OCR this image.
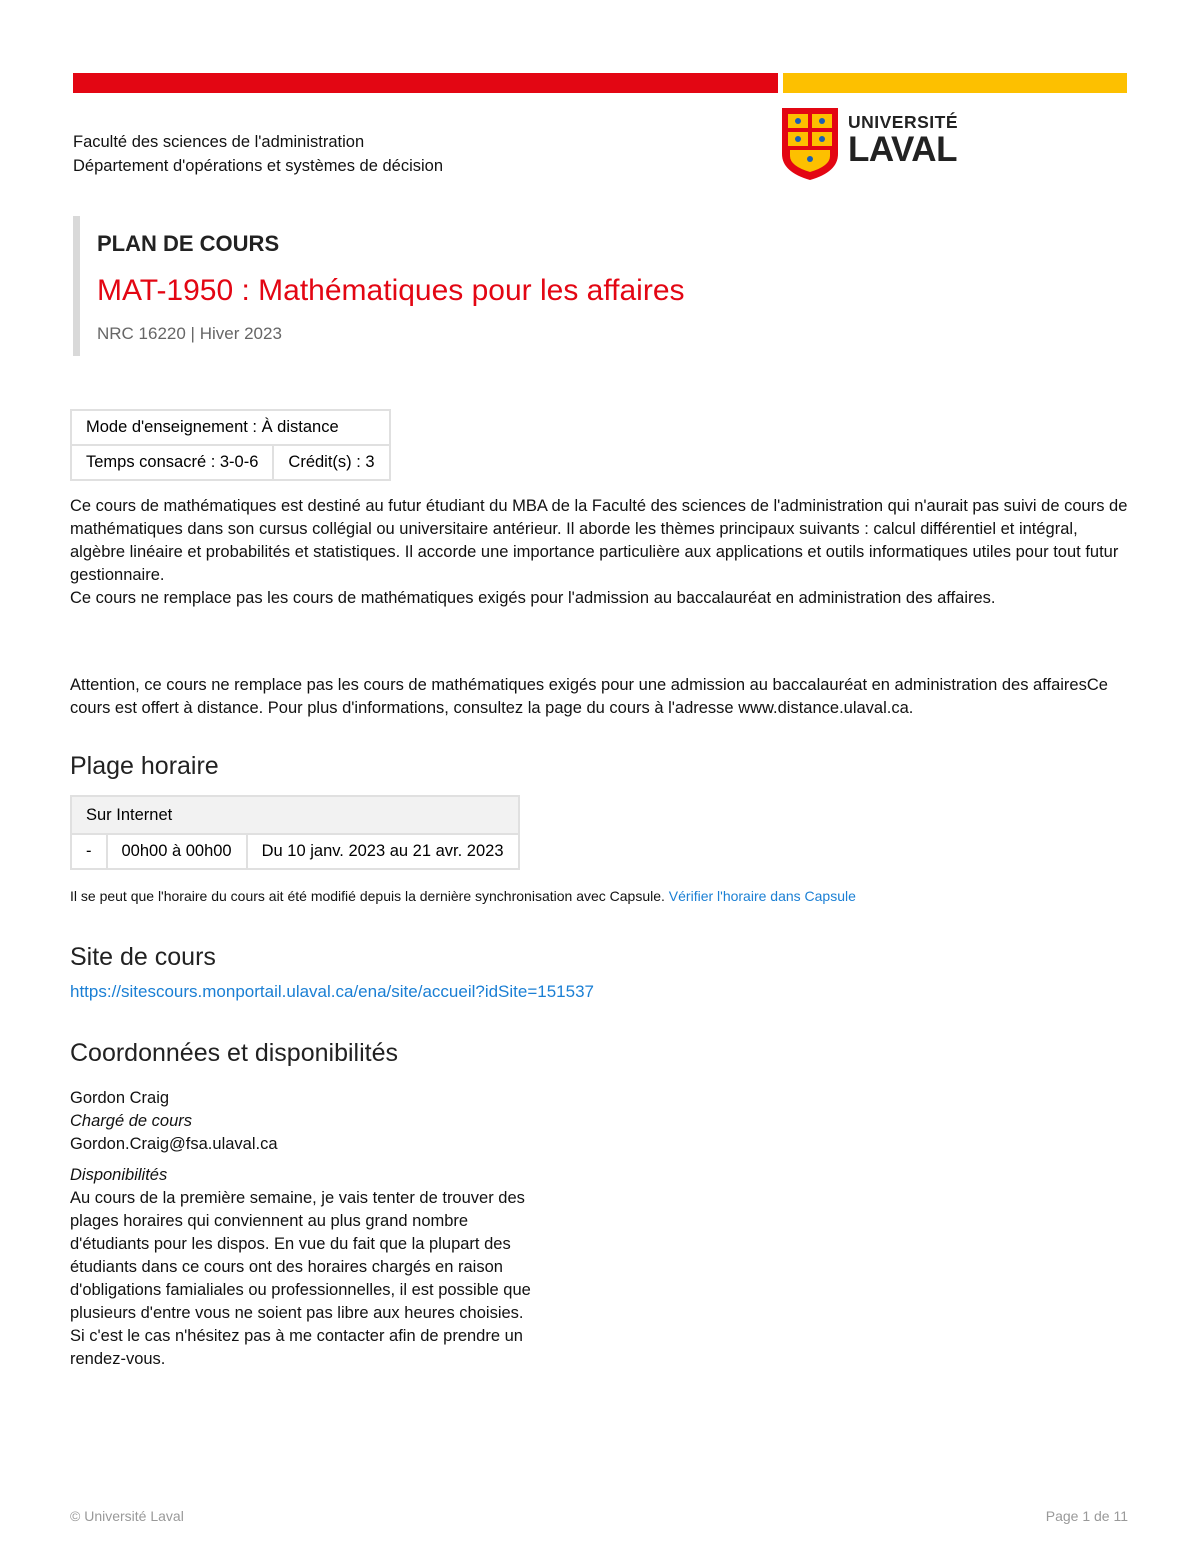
Faculté des sciences de l'administration
Département d'opérations et systèmes de décision
UNIVERSITÉ
LAVAL
PLAN DE COURS
MAT-1950 : Mathématiques pour les affaires
NRC 16220 | Hiver 2023
Mode d'enseignement : À distance
Temps consacré : 3-0-6	Crédit(s) : 3
Ce cours de mathématiques est destiné au futur étudiant du MBA de la Faculté des sciences de l'administration qui n'aurait pas suivi de cours de mathématiques dans son cursus collégial ou universitaire antérieur. Il aborde les thèmes principaux suivants : calcul différentiel et intégral, algèbre linéaire et probabilités et statistiques. Il accorde une importance particulière aux applications et outils informatiques utiles pour tout futur gestionnaire.
Ce cours ne remplace pas les cours de mathématiques exigés pour l'admission au baccalauréat en administration des affaires.
Attention, ce cours ne remplace pas les cours de mathématiques exigés pour une admission au baccalauréat en administration des affairesCe cours est offert à distance. Pour plus d'informations, consultez la page du cours à l'adresse www.distance.ulaval.ca.
Plage horaire
Sur Internet
-	00h00 à 00h00	Du 10 janv. 2023 au 21 avr. 2023
Il se peut que l'horaire du cours ait été modifié depuis la dernière synchronisation avec Capsule. Vérifier l'horaire dans Capsule
Site de cours
https://sitescours.monportail.ulaval.ca/ena/site/accueil?idSite=151537
Coordonnées et disponibilités
Gordon Craig
Chargé de cours
Gordon.Craig@fsa.ulaval.ca
Disponibilités
Au cours de la première semaine, je vais tenter de trouver des plages horaires qui conviennent au plus grand nombre d'étudiants pour les dispos. En vue du fait que la plupart des étudiants dans ce cours ont des horaires chargés en raison d'obligations famialiales ou professionnelles, il est possible que plusieurs d'entre vous ne soient pas libre aux heures choisies. Si c'est le cas n'hésitez pas à me contacter afin de prendre un rendez-vous.
© Université Laval	Page 1 de 11
